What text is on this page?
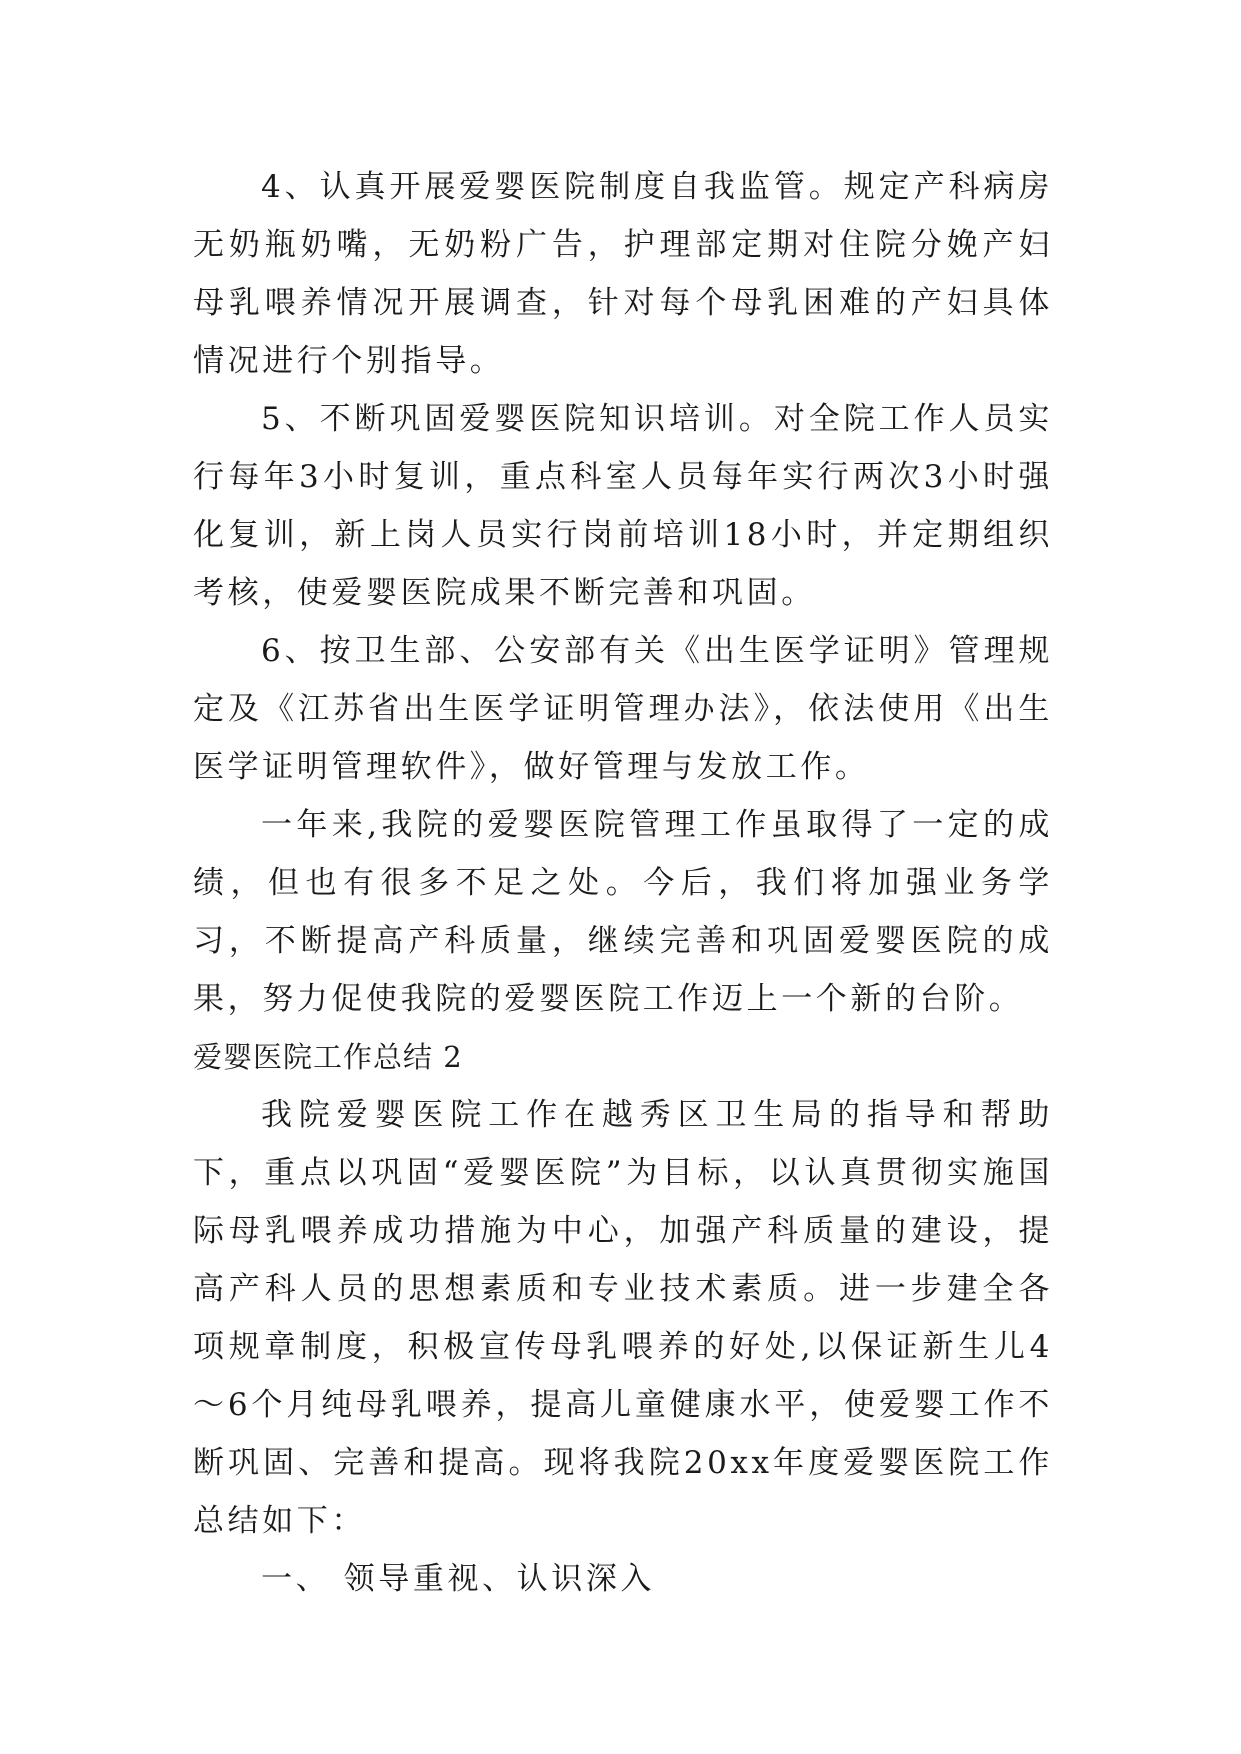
4、认真开展爱婴医院制度自我监管。规定产科病房无奶瓶奶嘴，无奶粉广告，护理部定期对住院分娩产妇母乳喂养情况开展调查，针对每个母乳困难的产妇具体情况进行个别指导。

5、不断巩固爱婴医院知识培训。对全院工作人员实行每年3小时复训，重点科室人员每年实行两次3小时强化复训，新上岗人员实行岗前培训18小时，并定期组织考核，使爱婴医院成果不断完善和巩固。

6、按卫生部、公安部有关《出生医学证明》管理规定及《江苏省出生医学证明管理办法》，依法使用《出生医学证明管理软件》，做好管理与发放工作。

一年来,我院的爱婴医院管理工作虽取得了一定的成绩，但也有很多不足之处。今后，我们将加强业务学习，不断提高产科质量，继续完善和巩固爱婴医院的成果，努力促使我院的爱婴医院工作迈上一个新的台阶。

爱婴医院工作总结 2

我院爱婴医院工作在越秀区卫生局的指导和帮助下，重点以巩固“爱婴医院”为目标，以认真贯彻实施国际母乳喂养成功措施为中心，加强产科质量的建设，提高产科人员的思想素质和专业技术素质。进一步建全各项规章制度，积极宣传母乳喂养的好处,以保证新生儿4～6个月纯母乳喂养，提高儿童健康水平，使爱婴工作不断巩固、完善和提高。现将我院20xx年度爱婴医院工作总结如下：

一、 领导重视、认识深入
